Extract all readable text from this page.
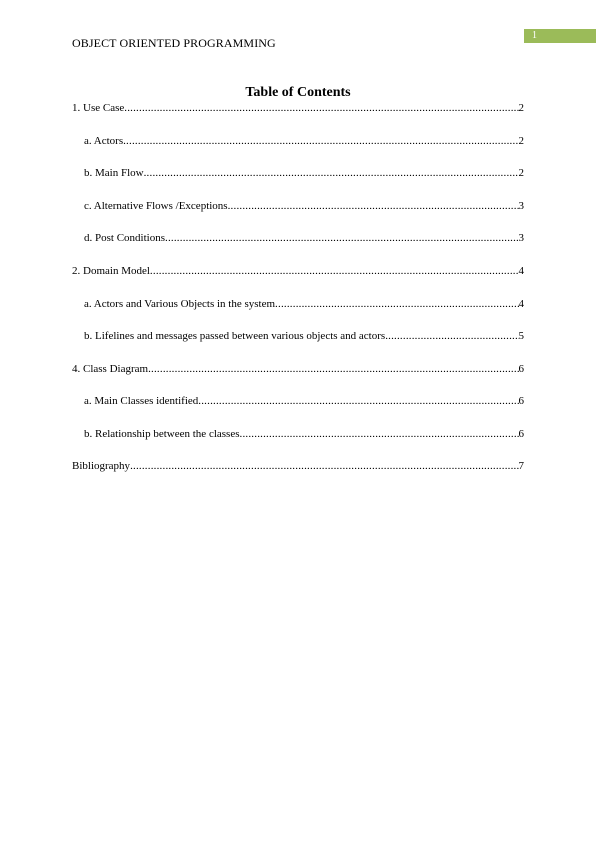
1
OBJECT ORIENTED PROGRAMMING
Table of Contents
1. Use Case .....	2
a. Actors .....	2
b. Main Flow .....	2
c. Alternative Flows /Exceptions .....	3
d. Post Conditions .....	3
2. Domain Model .....	4
a. Actors and Various Objects in the system .....	4
b. Lifelines and messages passed between various objects and actors .....	5
4. Class Diagram .....	6
a. Main Classes identified .....	6
b. Relationship between the classes .....	6
Bibliography .....	7
